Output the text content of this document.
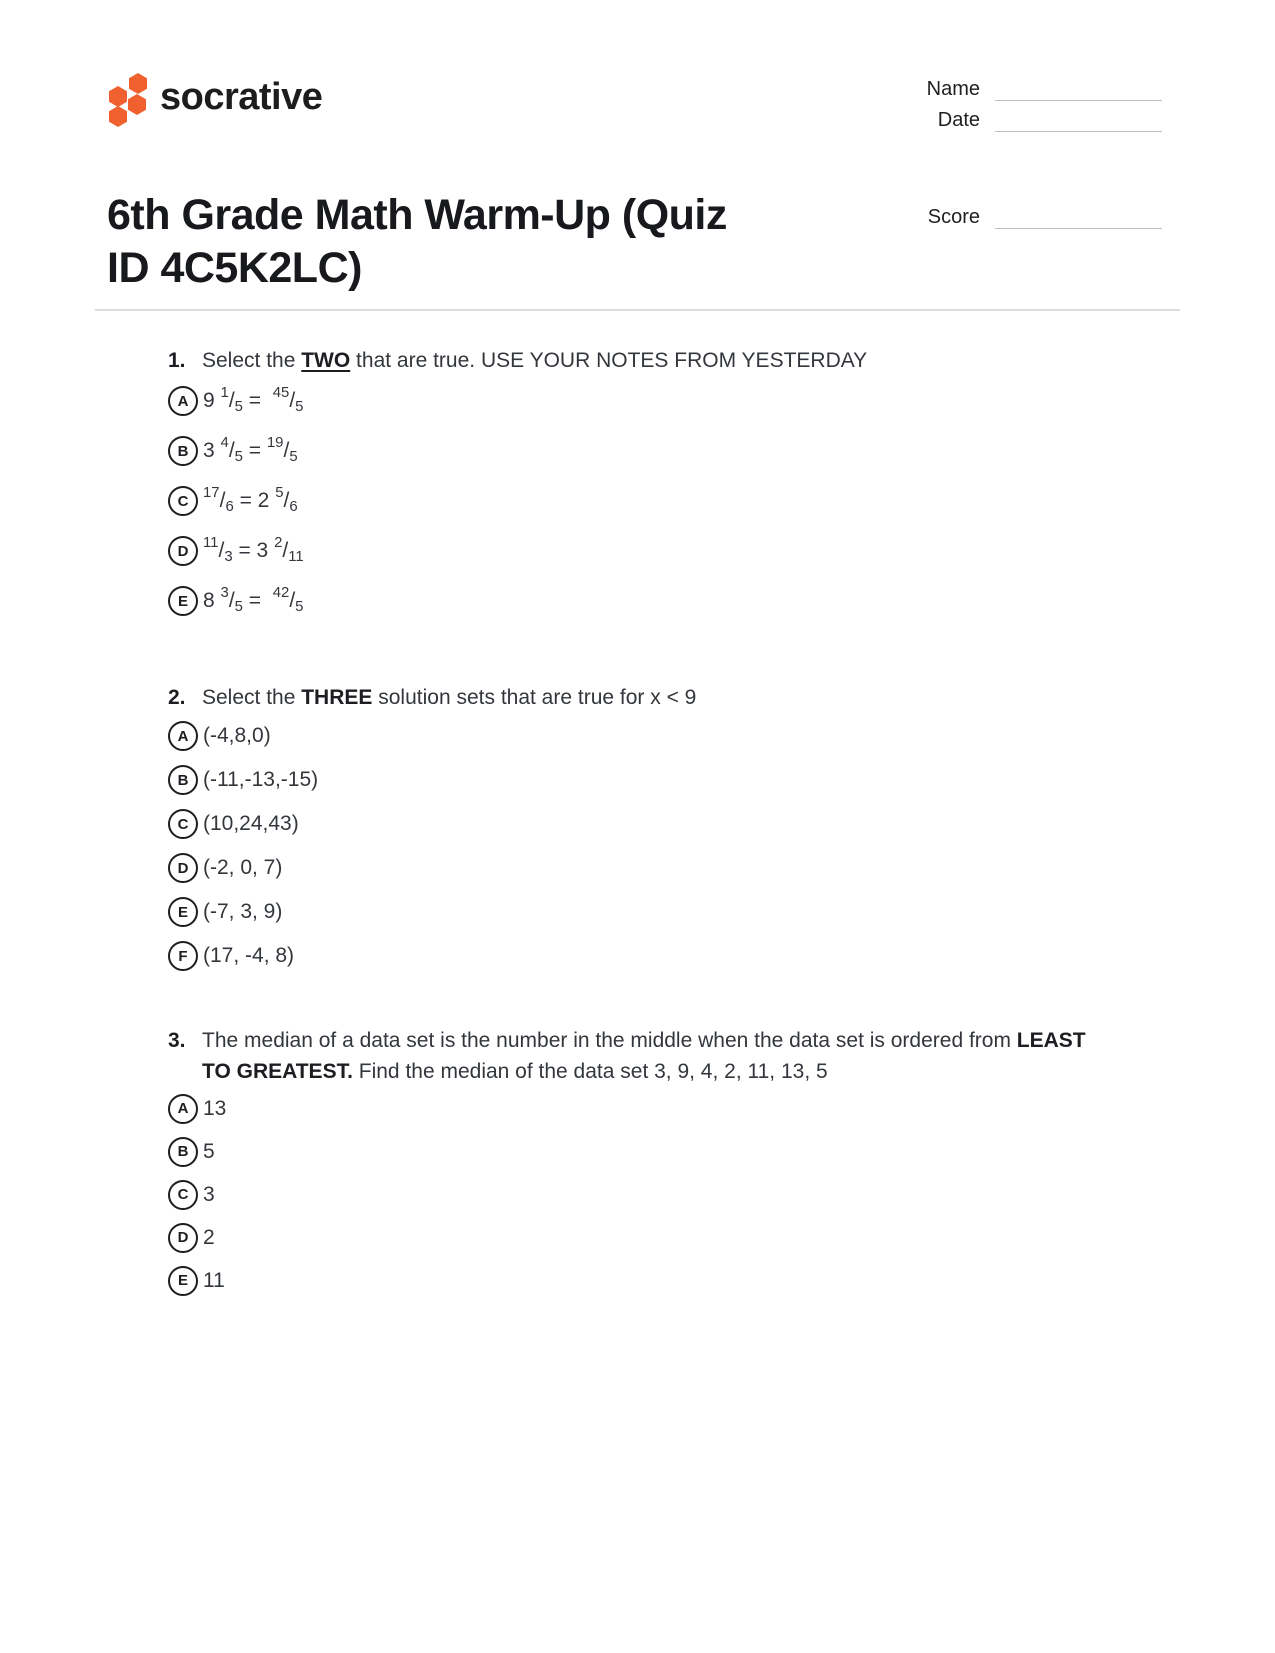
socrative	Name
Date
Score
6th Grade Math Warm-Up (Quiz ID 4C5K2LC)
1. Select the TWO that are true. USE YOUR NOTES FROM YESTERDAY
A 9 $^1/_5 = ^{45}/_5$
B 3 $^4/_5 = ^{19}/_5$
C $^{17}/_6 = 2$ $^5/_6$
D $^{11}/_3 = 3$ $^2/_{11}$
E 8 $^3/_5 = ^{42}/_5$
2. Select the THREE solution sets that are true for x < 9
A (-4,8,0)
B (-11,-13,-15)
C (10,24,43)
D (-2, 0, 7)
E (-7, 3, 9)
F (17, -4, 8)
3. The median of a data set is the number in the middle when the data set is ordered from LEAST TO GREATEST. Find the median of the data set 3, 9, 4, 2, 11, 13, 5
A 13
B 5
C 3
D 2
E 11
